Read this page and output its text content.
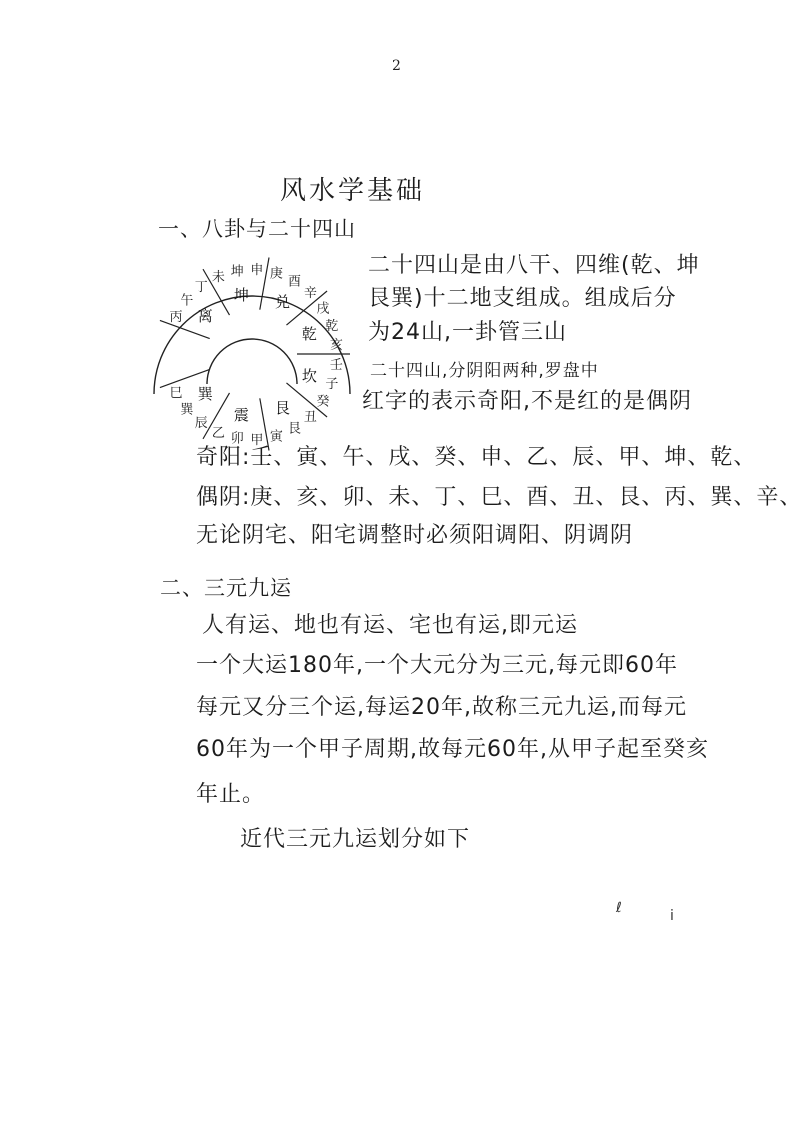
2
风水学基础
一、八卦与二十四山
丙
午
丁
未 坤 申 庚
酉
辛
戌
乾
亥
壬
子
癸
丑
艮
寅
甲
卯
乙
辰
巽
巳
离
坤 兑
乾
坎
艮
震
巽
二十四山是由八干、四维(乾、坤
艮巽)十二地支组成。组成后分
为24山,一卦管三山
二十四山,分阴阳两种,罗盘中
红字的表示奇阳,不是红的是偶阴
奇阳:壬、寅、午、戌、癸、申、乙、辰、甲、坤、乾、
偶阴:庚、亥、卯、未、丁、巳、酉、丑、艮、丙、巽、辛、
无论阴宅、阳宅调整时必须阳调阳、阴调阴
二、三元九运
人有运、地也有运、宅也有运,即元运
一个大运180年,一个大元分为三元,每元即60年
每元又分三个运,每运20年,故称三元九运,而每元
60年为一个甲子周期,故每元60年,从甲子起至癸亥
年止。
近代三元九运划分如下
ℓ	i
